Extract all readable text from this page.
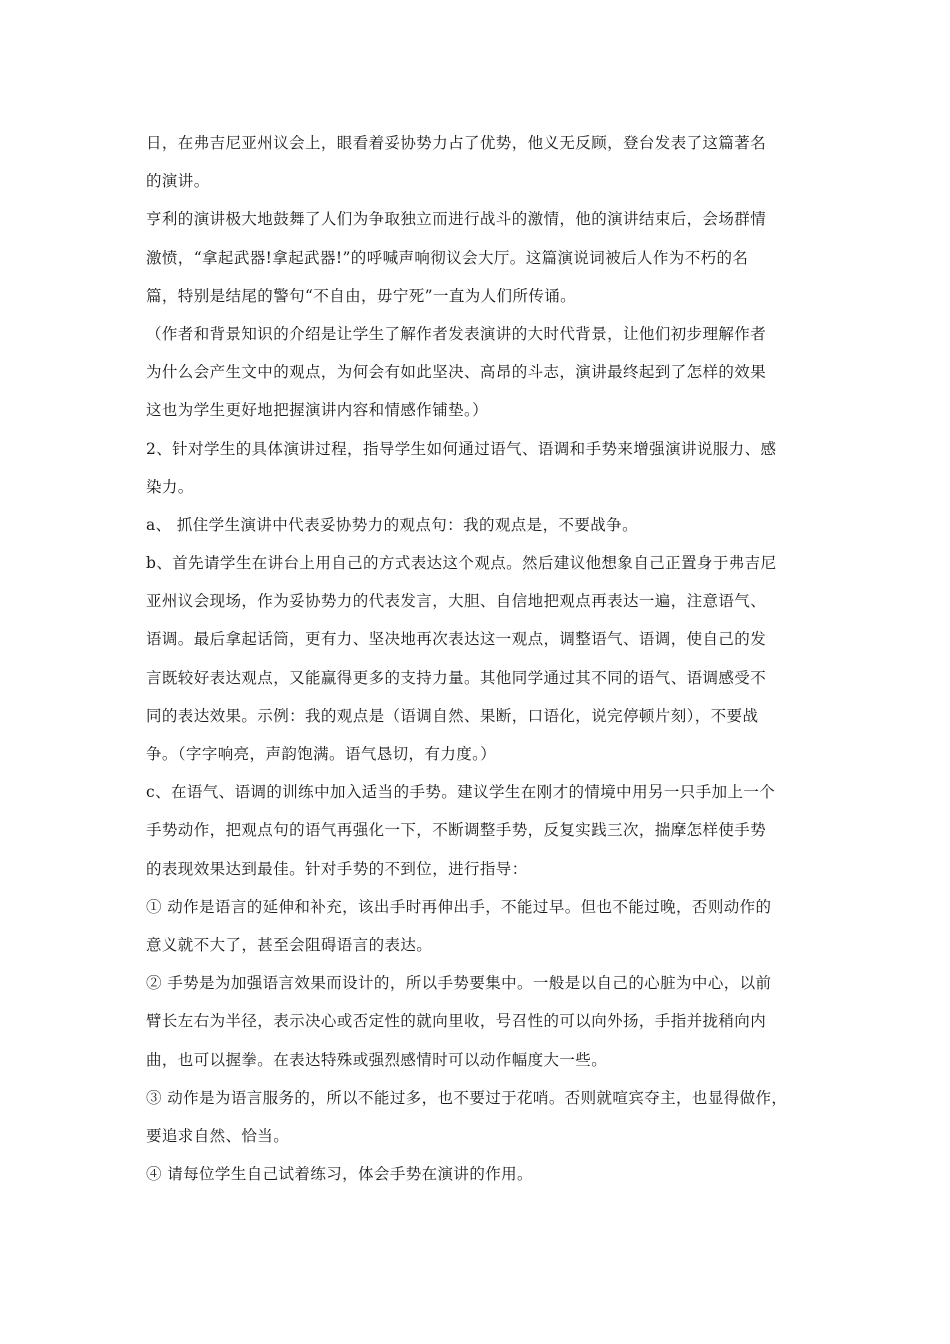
日，在弗吉尼亚州议会上，眼看着妥协势力占了优势，他义无反顾，登台发表了这篇著名
的演讲。
亨利的演讲极大地鼓舞了人们为争取独立而进行战斗的激情，他的演讲结束后，会场群情
激愤，“拿起武器!拿起武器!”的呼喊声响彻议会大厅。这篇演说词被后人作为不朽的名
篇，特别是结尾的警句“不自由，毋宁死”一直为人们所传诵。
（作者和背景知识的介绍是让学生了解作者发表演讲的大时代背景，让他们初步理解作者
为什么会产生文中的观点，为何会有如此坚决、高昂的斗志，演讲最终起到了怎样的效果
这也为学生更好地把握演讲内容和情感作铺垫。）
2、针对学生的具体演讲过程，指导学生如何通过语气、语调和手势来增强演讲说服力、感
染力。
a、 抓住学生演讲中代表妥协势力的观点句：我的观点是，不要战争。
b、首先请学生在讲台上用自己的方式表达这个观点。然后建议他想象自己正置身于弗吉尼
亚州议会现场，作为妥协势力的代表发言，大胆、自信地把观点再表达一遍，注意语气、
语调。最后拿起话筒，更有力、坚决地再次表达这一观点，调整语气、语调，使自己的发
言既较好表达观点，又能赢得更多的支持力量。其他同学通过其不同的语气、语调感受不
同的表达效果。示例：我的观点是（语调自然、果断，口语化，说完停顿片刻），不要战
争。（字字响亮，声韵饱满。语气恳切，有力度。）
c、在语气、语调的训练中加入适当的手势。建议学生在刚才的情境中用另一只手加上一个
手势动作，把观点句的语气再强化一下，不断调整手势，反复实践三次，揣摩怎样使手势
的表现效果达到最佳。针对手势的不到位，进行指导：
① 动作是语言的延伸和补充，该出手时再伸出手，不能过早。但也不能过晚，否则动作的
意义就不大了，甚至会阻碍语言的表达。
② 手势是为加强语言效果而设计的，所以手势要集中。一般是以自己的心脏为中心，以前
臂长左右为半径，表示决心或否定性的就向里收，号召性的可以向外扬，手指并拢稍向内
曲，也可以握拳。在表达特殊或强烈感情时可以动作幅度大一些。
③ 动作是为语言服务的，所以不能过多，也不要过于花哨。否则就喧宾夺主，也显得做作，
要追求自然、恰当。
④ 请每位学生自己试着练习，体会手势在演讲的作用。
